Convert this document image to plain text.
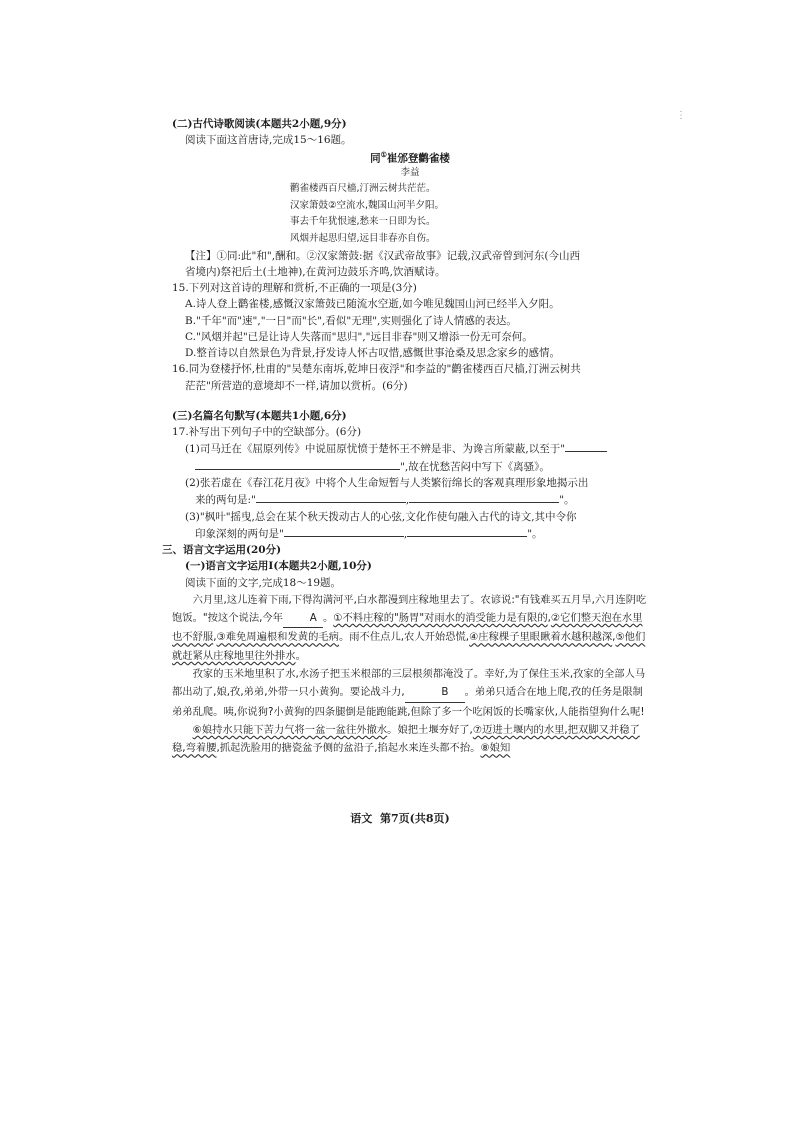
⋮

(二)古代诗歌阅读(本题共2小题,9分)

阅读下面这首唐诗,完成15～16题。

同①崔邠登鹳雀楼

李益

鹳雀楼西百尺樯,汀洲云树共茫茫。
汉家箫鼓②空流水,魏国山河半夕阳。
事去千年犹恨速,愁来一日即为长。
风烟并起思归望,远目非春亦自伤。

【注】①同:此"和",酬和。②汉家箫鼓:据《汉武帝故事》记载,汉武帝曾到河东(今山西

省境内)祭祀后土(土地神),在黄河边鼓乐齐鸣,饮酒赋诗。

15.下列对这首诗的理解和赏析,不正确的一项是(3分)

A.诗人登上鹳雀楼,感慨汉家箫鼓已随流水空逝,如今唯见魏国山河已经半入夕阳。

B."千年"而"速","一日"而"长",看似"无理",实则强化了诗人情感的表达。

C."风烟并起"已是让诗人失落而"思归","远目非春"则又增添一份无可奈何。

D.整首诗以自然景色为背景,抒发诗人怀古叹惜,感慨世事沧桑及思念家乡的感情。

16.同为登楼抒怀,杜甫的"吴楚东南坼,乾坤日夜浮"和李益的"鹳雀楼西百尺樯,汀洲云树共

茫茫"所营造的意境却不一样,请加以赏析。(6分)

(三)名篇名句默写(本题共1小题,6分)

17.补写出下列句子中的空缺部分。(6分)

(1)司马迁在《屈原列传》中说屈原忧愤于楚怀王不辨是非、为谗言所蒙蔽,以至于"

",故在忧愁苦闷中写下《离骚》。

(2)张若虚在《春江花月夜》中将个人生命短暂与人类繁衍绵长的客观真理形象地揭示出

来的两句是:"	,	"。

(3)"枫叶"摇曳,总会在某个秋天拨动古人的心弦,文化作使句融入古代的诗文,其中令你

印象深刻的两句是"	,	"。

三、语言文字运用(20分)

(一)语言文字运用Ⅰ(本题共2小题,10分)

阅读下面的文字,完成18～19题。

六月里,这儿连着下雨,下得沟满河平,白水都漫到庄稼地里去了。农谚说:"有钱难买五月旱,六月连阴吃饱饭。"按这个说法,今年	A 。①不料庄稼的"肠胃"对雨水的消受能力是有限的,②它们整天泡在水里也不舒服,③难免周遍根和发黄的毛病。雨不住点儿,农人开始恐慌,④庄稼棵子里眼瞅着水越积越深,⑤他们就赶紧从庄稼地里往外排水。

孜家的玉米地里积了水,水汤子把玉米根部的三层根须都淹没了。幸好,为了保住玉米,孜家的全部人马都出动了,娘,孜,弟弟,外带一只小黄狗。要论战斗力,	B 。弟弟只适合在地上爬,孜的任务是限制弟弟乱爬。咦,你说狗?小黄狗的四条腿倒是能跑能跳,但除了多一个吃闲饭的长嘴家伙,人能指望狗什么呢!

⑥娘持水只能下苦力气将一盆一盆往外撤水。娘把土堰夯好了,⑦迈进土堰内的水里,把双脚又并稳了稳,弯着腰,抓起洗脸用的搪瓷盆予侧的盆沿子,掐起水来连头都不抬。⑧娘知

语文 第7页(共8页)
